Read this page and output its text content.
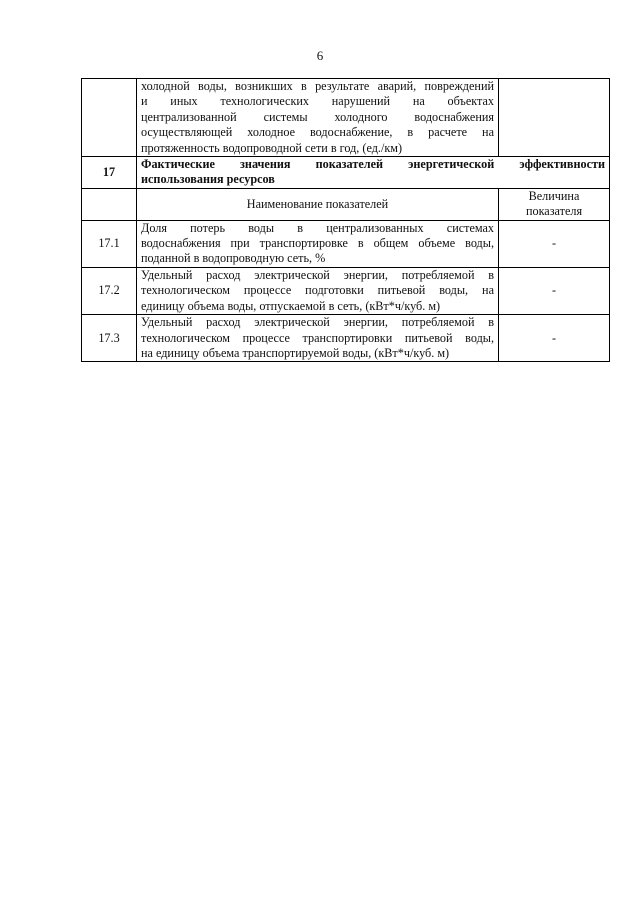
6

	холодной воды, возникших в результате аварий, повреждений
и иных технологических нарушений на объектах
централизованной системы холодного водоснабжения
осуществляющей холодное водоснабжение, в расчете на
протяженность водопроводной сети в год, (ед./км)	

17	Фактические значения показателей энергетической эффективности
использования ресурсов	

	Наименование показателей	Величина
показателя

17.1	Доля потерь воды в централизованных системах
водоснабжения при транспортировке в общем объеме воды,
поданной в водопроводную сеть, %	-
17.2	Удельный расход электрической энергии, потребляемой в
технологическом процессе подготовки питьевой воды, на
единицу объема воды, отпускаемой в сеть, (кВт*ч/куб. м)	-
17.3	Удельный расход электрической энергии, потребляемой в
технологическом процессе транспортировки питьевой воды,
на единицу объема транспортируемой воды, (кВт*ч/куб. м)	-
